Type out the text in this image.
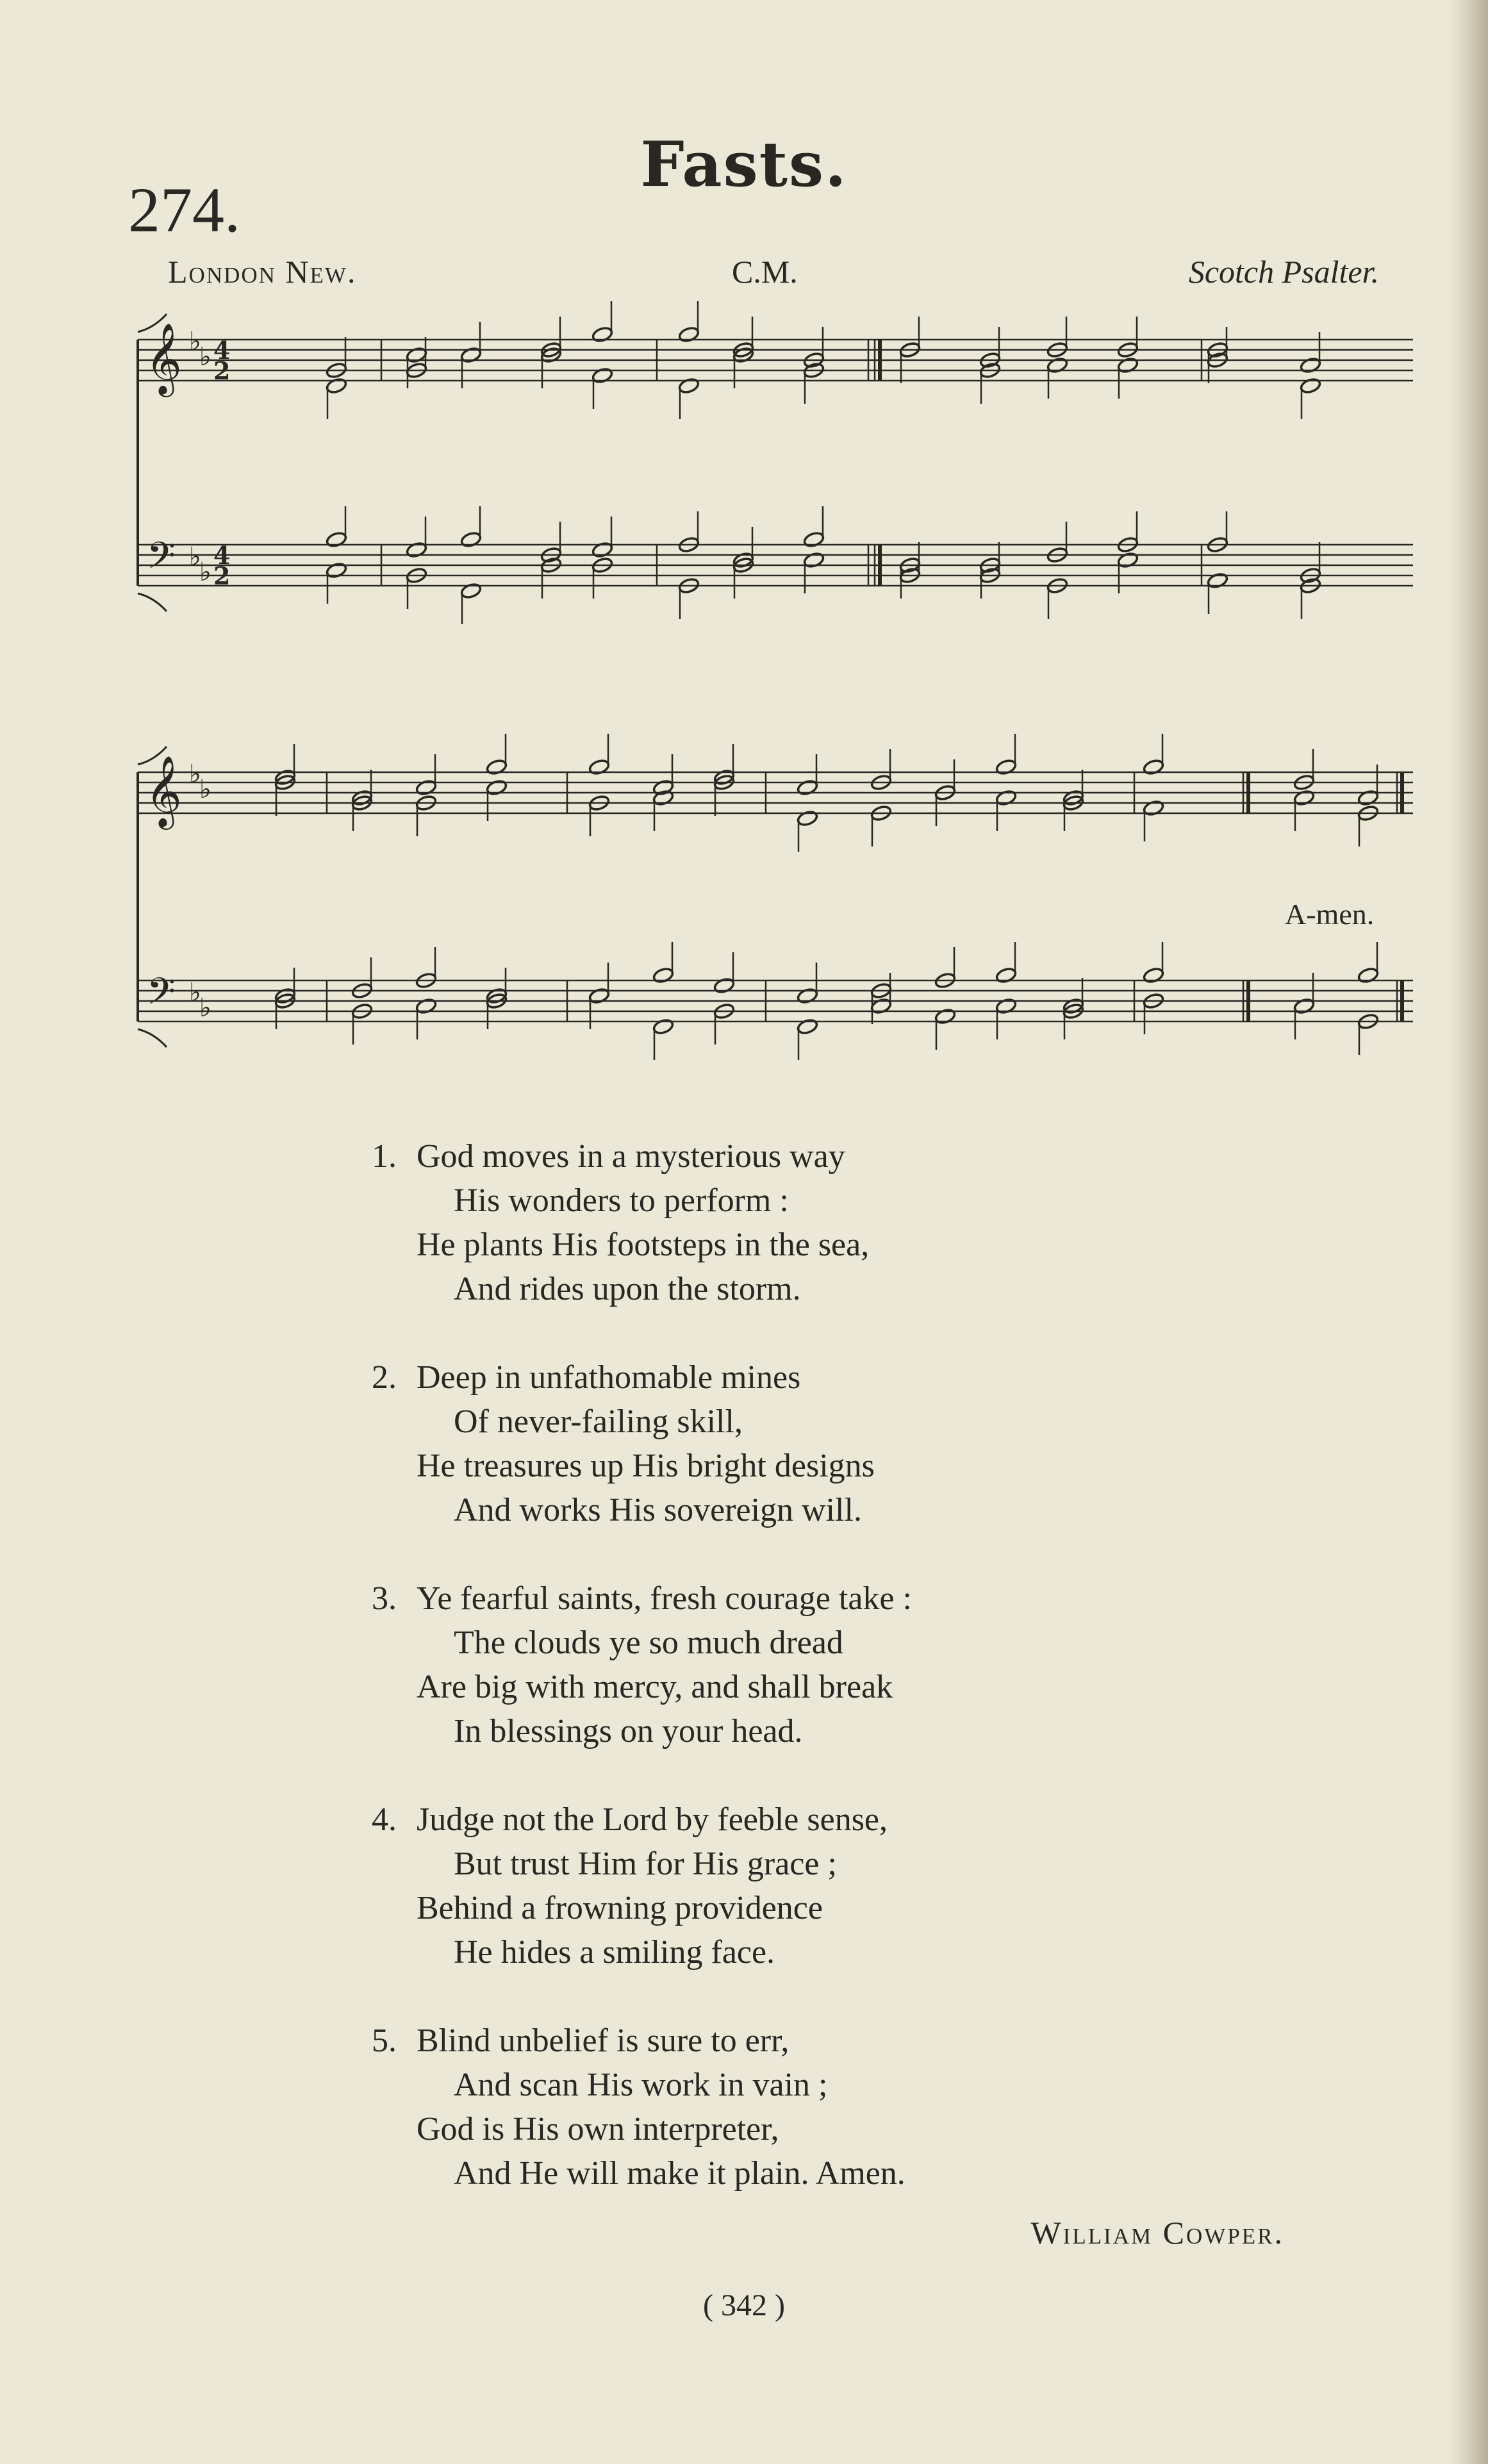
Fasts.
274.
London New.	C.M.	Scotch Psalter.
𝄞
𝄢
♭
♭
♭
♭
4
2
4
2
𝄞
𝄢
♭
♭
♭
♭
A-men.
1. God moves in a mysterious way
His wonders to perform :
He plants His footsteps in the sea,
And rides upon the storm.
2. Deep in unfathomable mines
Of never-failing skill,
He treasures up His bright designs
And works His sovereign will.
3. Ye fearful saints, fresh courage take :
The clouds ye so much dread
Are big with mercy, and shall break
In blessings on your head.
4. Judge not the Lord by feeble sense,
But trust Him for His grace ;
Behind a frowning providence
He hides a smiling face.
5. Blind unbelief is sure to err,
And scan His work in vain ;
God is His own interpreter,
And He will make it plain. Amen.
William Cowper.
( 342 )
